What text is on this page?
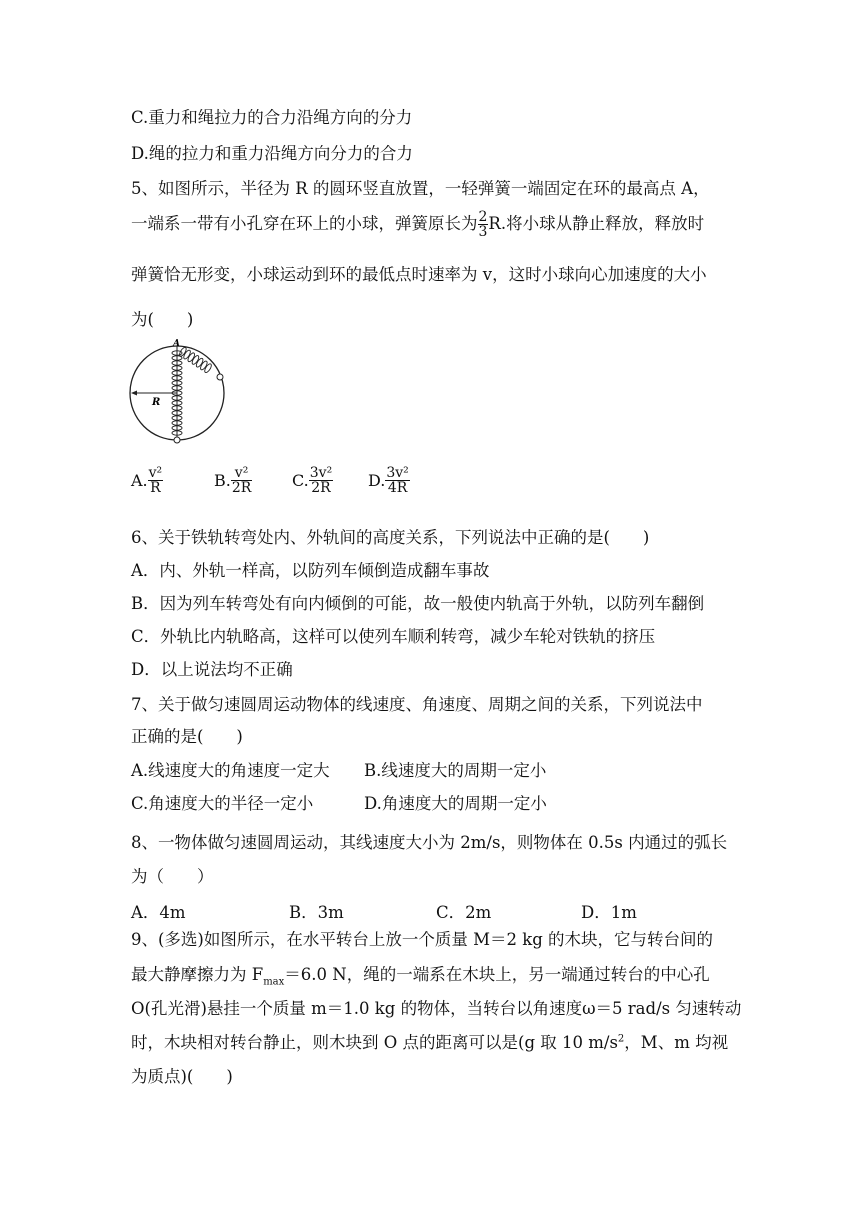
C.重力和绳拉力的合力沿绳方向的分力
D.绳的拉力和重力沿绳方向分力的合力
5、如图所示，半径为 R 的圆环竖直放置，一轻弹簧一端固定在环的最高点 A，
一端系一带有小孔穿在环上的小球，弹簧原长为 $\frac{2}{3} R$.将小球从静止释放，释放时
弹簧恰无形变，小球运动到环的最低点时速率为 v，这时小球向心加速度的大小
为(　　)
A
R
A. $\frac{\text{v²}}{R}$	B. $\frac{\text{v²}}{2R} C$. $\frac{\text{3v²}}{2R} D$. $\frac{\text{3v²}}{4R}$
6、关于铁轨转弯处内、外轨间的高度关系，下列说法中正确的是(　　)
A．内、外轨一样高，以防列车倾倒造成翻车事故
B．因为列车转弯处有向内倾倒的可能，故一般使内轨高于外轨，以防列车翻倒
C．外轨比内轨略高，这样可以使列车顺利转弯，减少车轮对铁轨的挤压
D．以上说法均不正确
7、关于做匀速圆周运动物体的线速度、角速度、周期之间的关系，下列说法中
正确的是(　　)
A.线速度大的角速度一定大 B.线速度大的周期一定小
C.角速度大的半径一定小	D.角速度大的周期一定小
8、一物体做匀速圆周运动，其线速度大小为 2m/s，则物体在 0.5s 内通过的弧长
为（　　）
A．4m	B．3m	C．2m	D．1m
9、(多选)如图所示，在水平转台上放一个质量 M＝2 kg 的木块，它与转台间的
最大静摩擦力为 $F_{max}=6.0$ N，绳的一端系在木块上，另一端通过转台的中心孔
O(孔光滑)悬挂一个质量 m＝1.0 kg 的物体，当转台以角速度ω＝5 rad/s 匀速转动
时，木块相对转台静止，则木块到 O 点的距离可以是(g 取 10 $m/s^2$，M、m 均视
为质点)(　　)
